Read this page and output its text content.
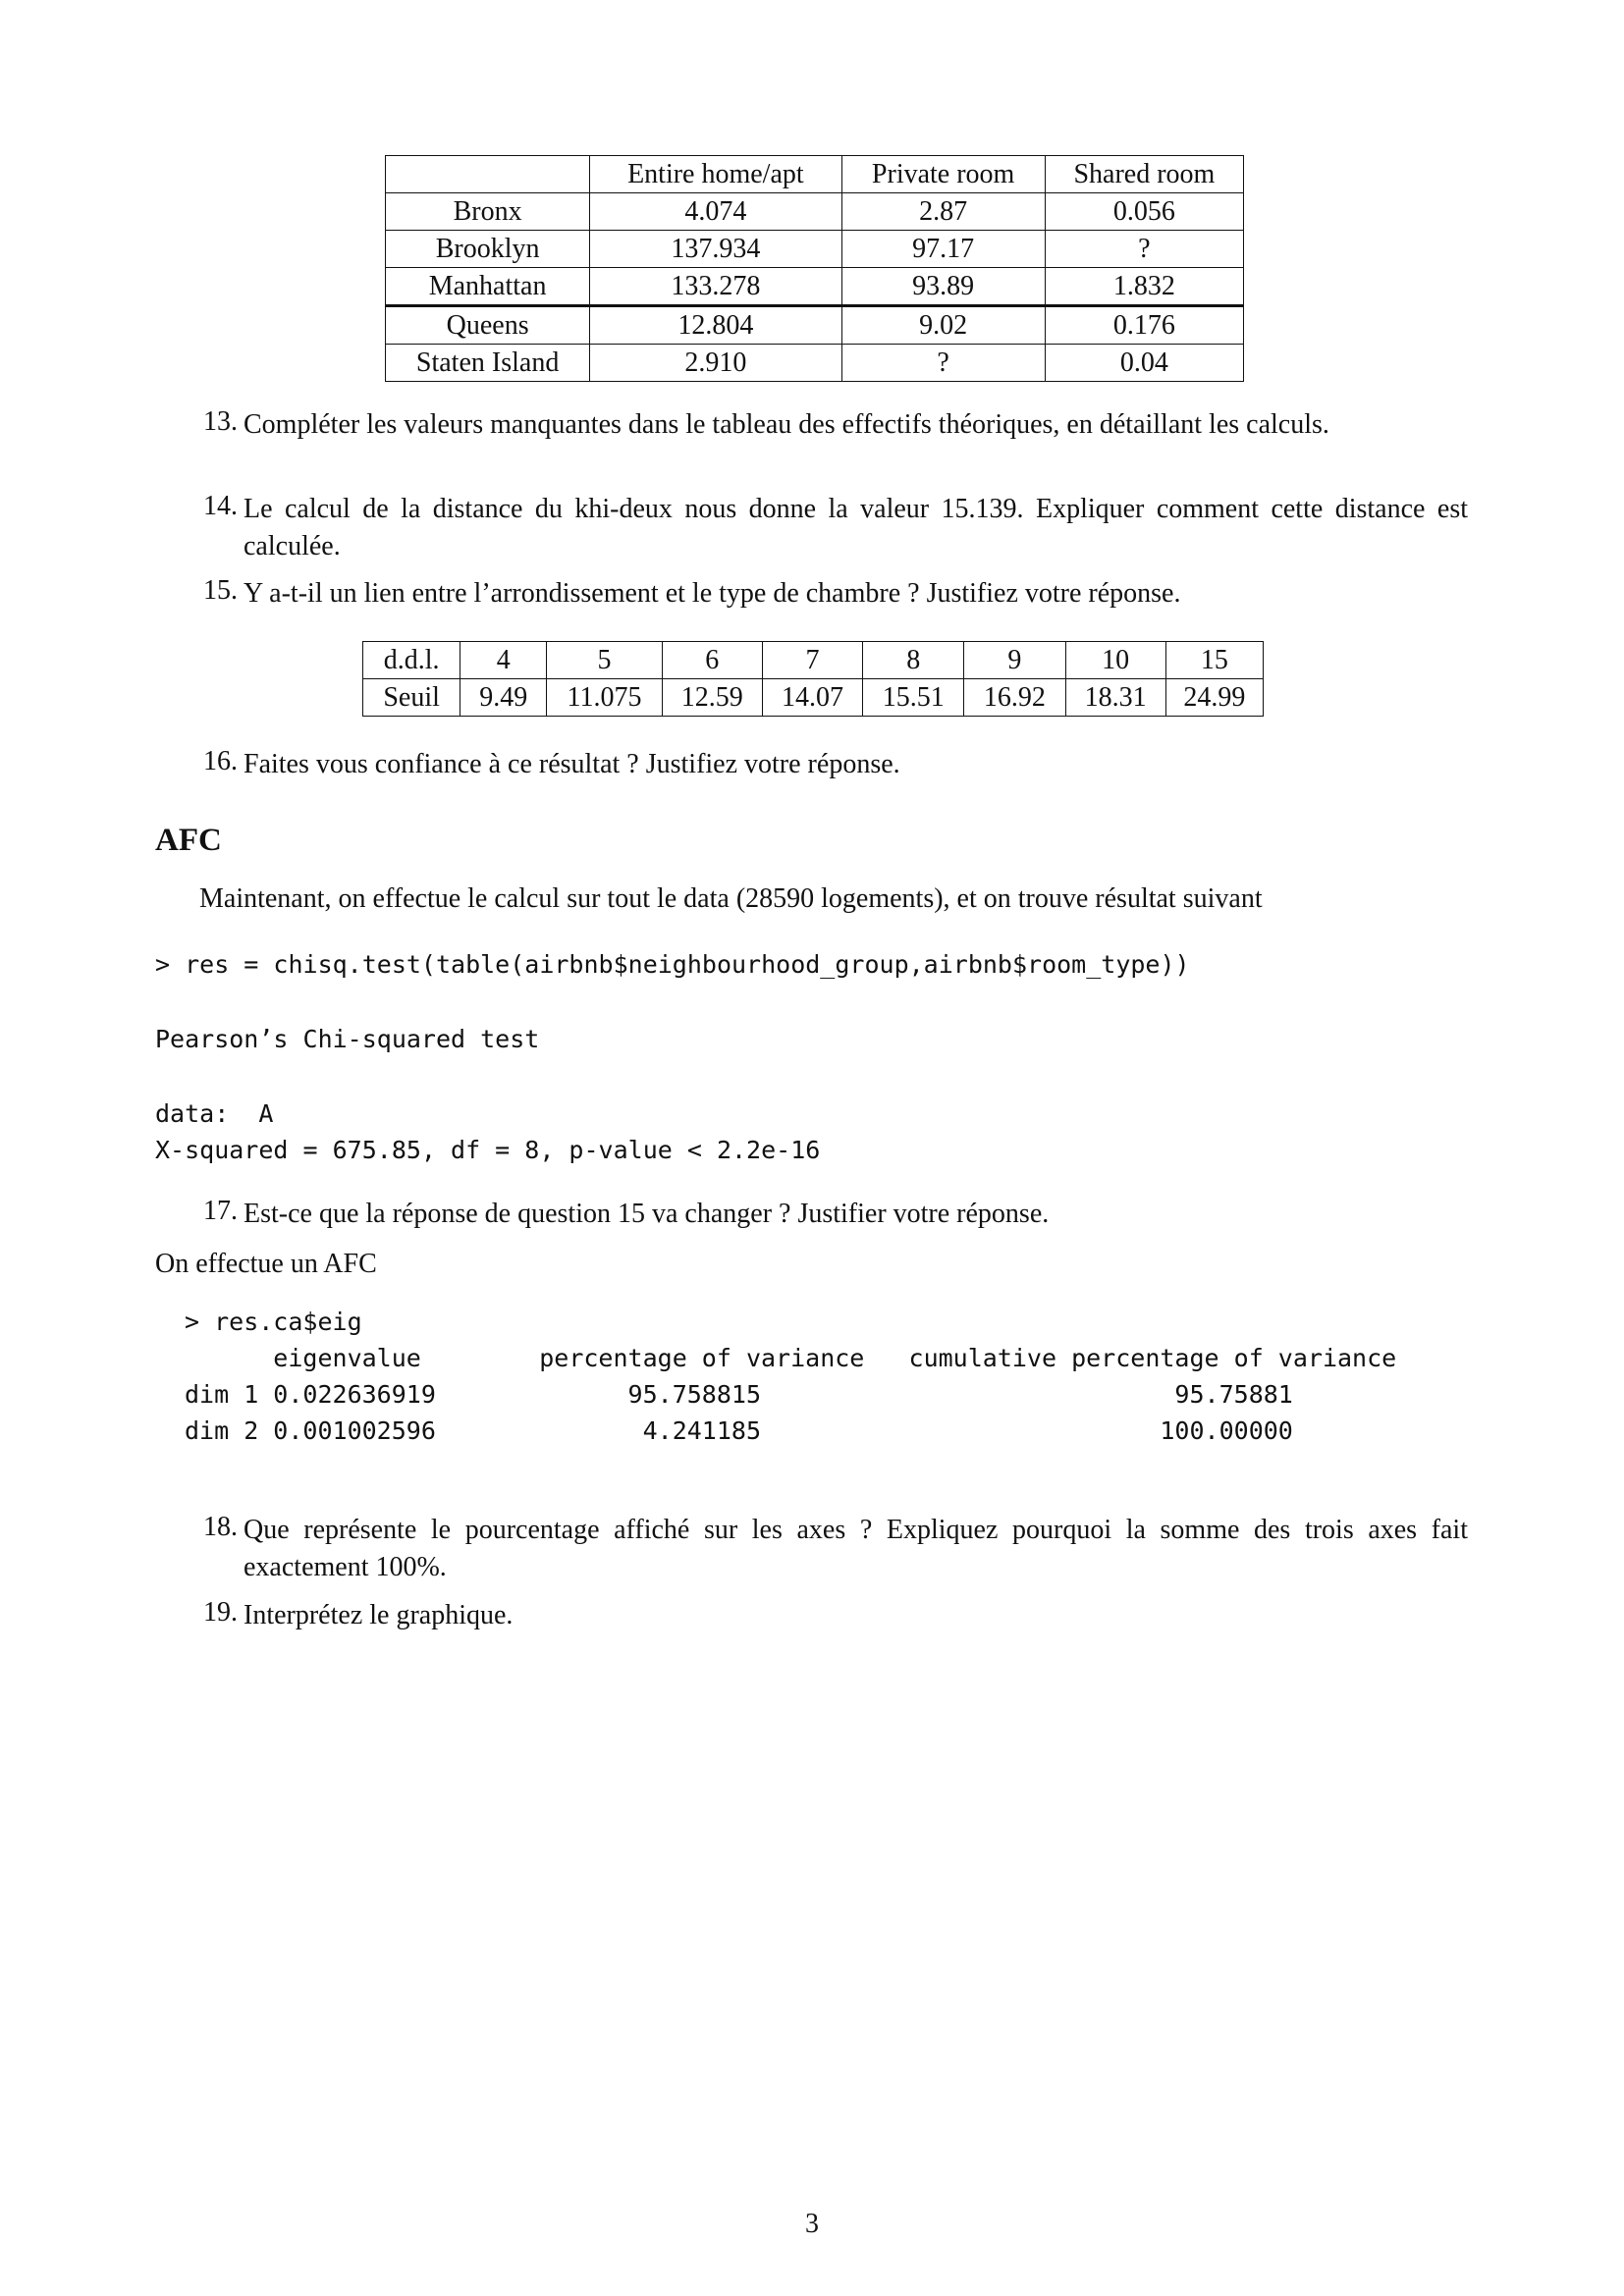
	Entire home/apt	Private room	Shared room
Bronx	4.074	2.87	0.056
Brooklyn	137.934	97.17	?
Manhattan	133.278	93.89	1.832
Queens	12.804	9.02	0.176
Staten Island	2.910	?	0.04
13. Compléter les valeurs manquantes dans le tableau des effectifs théoriques, en détaillant les calculs.
14. Le calcul de la distance du khi-deux nous donne la valeur 15.139. Expliquer comment cette distance est calculée.
15. Y a-t-il un lien entre l’arrondissement et le type de chambre ? Justifiez votre réponse.
d.d.l.	4	5	6	7	8	9	10	15
Seuil	9.49	11.075	12.59	14.07	15.51	16.92	18.31	24.99
16. Faites vous confiance à ce résultat ? Justifiez votre réponse.
AFC
Maintenant, on effectue le calcul sur tout le data (28590 logements), et on trouve résultat suivant
> res = chisq.test(table(airbnb$neighbourhood_group,airbnb$room_type))
Pearson’s Chi-squared test
data:  A
X-squared = 675.85, df = 8, p-value < 2.2e-16
17. Est-ce que la réponse de question 15 va changer ? Justifier votre réponse.
On effectue un AFC
> res.ca$eig
eigenvalue        percentage of variance   cumulative percentage of variance
dim 1 0.022636919             95.758815                            95.75881
dim 2 0.001002596              4.241185                           100.00000
18. Que représente le pourcentage affiché sur les axes ? Expliquez pourquoi la somme des trois axes fait exactement 100%.
19. Interprétez le graphique.
3
